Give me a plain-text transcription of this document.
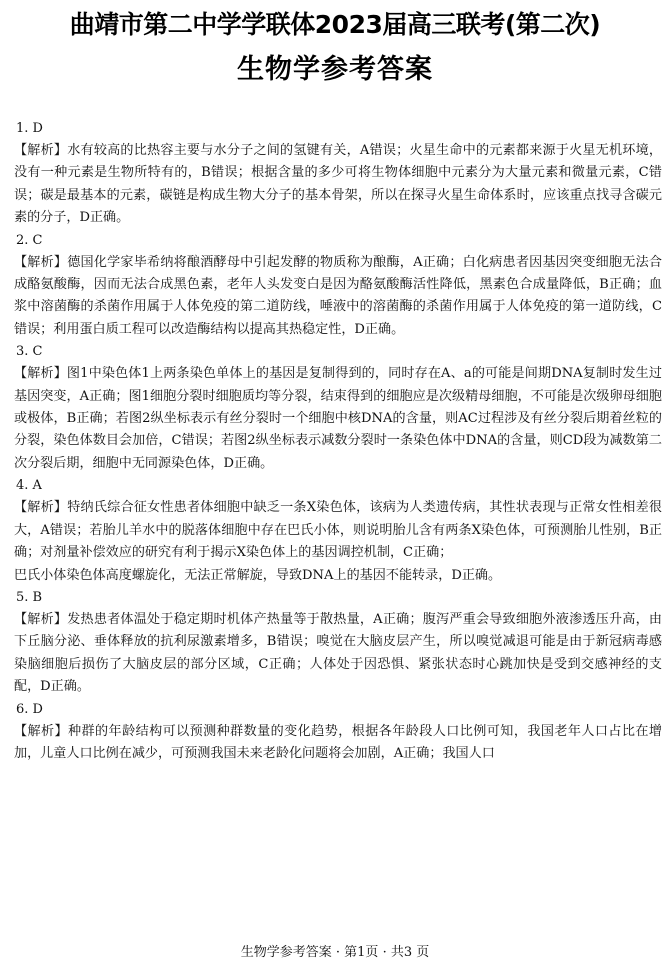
曲靖市第二中学学联体2023届高三联考(第二次)
生物学参考答案
1. D

【解析】水有较高的比热容主要与水分子之间的氢键有关，A错误；火星生命中的元素都来源于火星无机环境，没有一种元素是生物所特有的，B错误；根据含量的多少可将生物体细胞中元素分为大量元素和微量元素，C错误；碳是最基本的元素，碳链是构成生物大分子的基本骨架，所以在探寻火星生命体系时，应该重点找寻含碳元素的分子，D正确。

2. C

【解析】德国化学家毕希纳将酿酒酵母中引起发酵的物质称为酿酶，A正确；白化病患者因基因突变细胞无法合成酪氨酸酶，因而无法合成黑色素，老年人头发变白是因为酪氨酸酶活性降低，黑素色合成量降低，B正确；血浆中溶菌酶的杀菌作用属于人体免疫的第二道防线，唾液中的溶菌酶的杀菌作用属于人体免疫的第一道防线，C错误；利用蛋白质工程可以改造酶结构以提高其热稳定性，D正确。

3. C

【解析】图1中染色体1上两条染色单体上的基因是复制得到的，同时存在A、a的可能是间期DNA复制时发生过基因突变，A正确；图1细胞分裂时细胞质均等分裂，结束得到的细胞应是次级精母细胞，不可能是次级卵母细胞或极体，B正确；若图2纵坐标表示有丝分裂时一个细胞中核DNA的含量，则AC过程涉及有丝分裂后期着丝粒的分裂，染色体数目会加倍，C错误；若图2纵坐标表示减数分裂时一条染色体中DNA的含量，则CD段为减数第二次分裂后期，细胞中无同源染色体，D正确。

4. A

【解析】特纳氏综合征女性患者体细胞中缺乏一条X染色体，该病为人类遗传病，其性状表现与正常女性相差很大，A错误；若胎儿羊水中的脱落体细胞中存在巴氏小体，则说明胎儿含有两条X染色体，可预测胎儿性别，B正确；对剂量补偿效应的研究有利于揭示X染色体上的基因调控机制，C正确；

巴氏小体染色体高度螺旋化，无法正常解旋，导致DNA上的基因不能转录，D正确。

5. B

【解析】发热患者体温处于稳定期时机体产热量等于散热量，A正确；腹泻严重会导致细胞外液渗透压升高，由下丘脑分泌、垂体释放的抗利尿激素增多，B错误；嗅觉在大脑皮层产生，所以嗅觉减退可能是由于新冠病毒感染脑细胞后损伤了大脑皮层的部分区域，C正确；人体处于因恐惧、紧张状态时心跳加快是受到交感神经的支配，D正确。

6. D

【解析】种群的年龄结构可以预测种群数量的变化趋势，根据各年龄段人口比例可知，我国老年人口占比在增加，儿童人口比例在减少，可预测我国未来老龄化问题将会加剧，A正确；我国人口

生物学参考答案 · 第1页 · 共3 页
